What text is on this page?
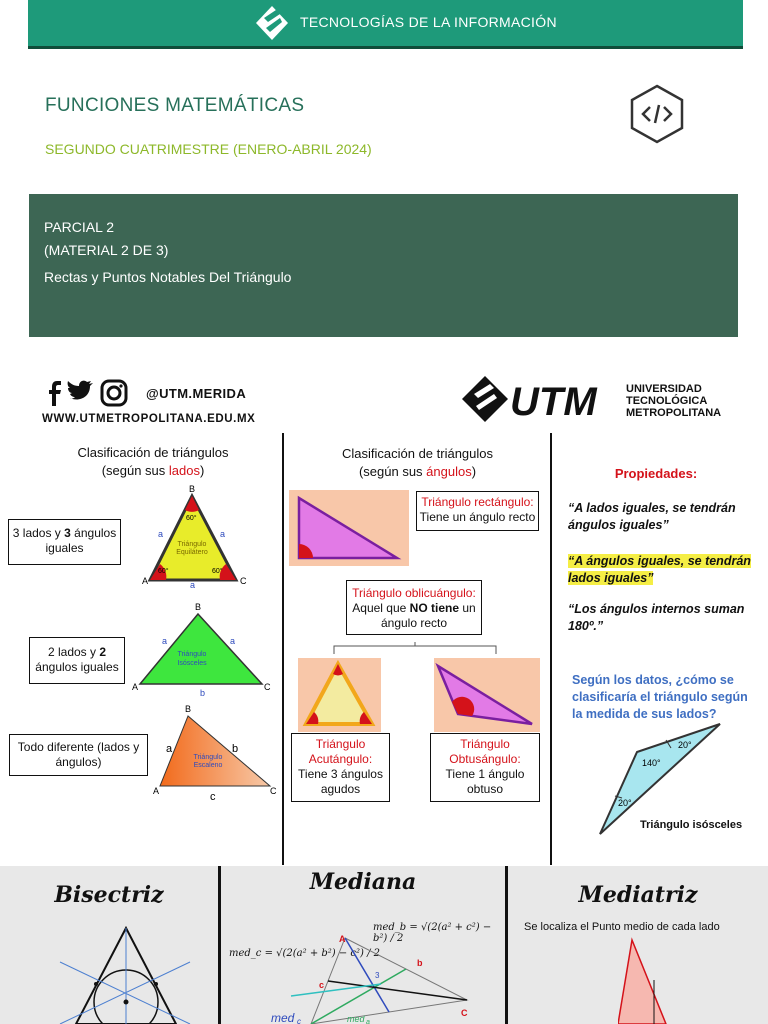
TECNOLOGÍAS DE LA INFORMACIÓN
FUNCIONES MATEMÁTICAS
SEGUNDO CUATRIMESTRE (ENERO-ABRIL 2024)
PARCIAL 2
(MATERIAL 2 DE 3)
Rectas y Puntos Notables Del Triángulo
@UTM.MERIDA
WWW.UTMETROPOLITANA.EDU.MX	UTM	UNIVERSIDAD
TECNOLÓGICA
METROPOLITANA
Clasificación de triángulos
(según sus lados)
3 lados y 3 ángulos iguales
2 lados y 2 ángulos iguales
Todo diferente (lados y ángulos)
B
A	C
60°
60°	60°
a	a
a
Triángulo
Equilátero
B
A	C
a	a
b
Triángulo
Isósceles
B
A	C
a	b
c
Triángulo
Escaleno
Clasificación de triángulos
(según sus ángulos)
Triángulo rectángulo:
Tiene un ángulo recto
Triángulo oblicuángulo:
Aquel que NO tiene un ángulo recto
Triángulo
Acutángulo:
Tiene 3 ángulos agudos
Triángulo
Obtusángulo:
Tiene 1 ángulo obtuso
Propiedades:
“A lados iguales, se tendrán ángulos iguales”
“A ángulos iguales, se tendrán lados iguales”
“Los ángulos internos suman 180º.”
Según los datos, ¿cómo se clasificaría el triángulo según la medida de sus lados?
20°
140°
20°
Triángulo isósceles
Bisectriz	Mediana
med_b = √(2(a² + c²) − b²) / 2
med_c = √(2(a² + b²) − c²) / 2
A
b
c
C
3
med c	med a
Mediatriz
Se localiza el Punto medio de cada lado
